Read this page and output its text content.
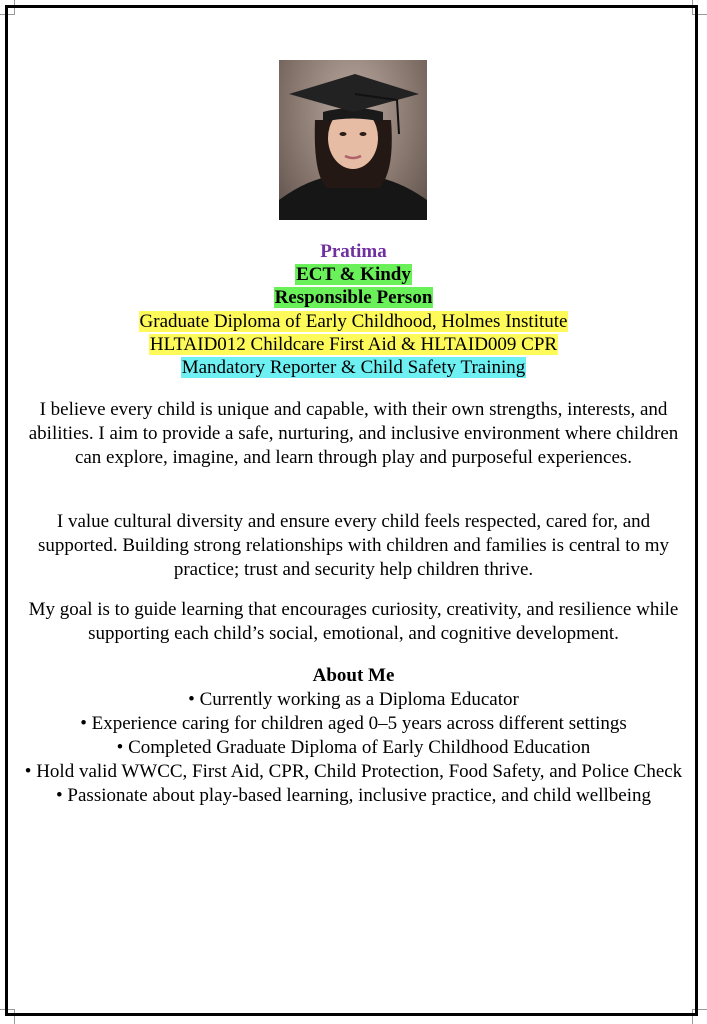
Pratima
ECT & Kindy
Responsible Person
Graduate Diploma of Early Childhood, Holmes Institute
HLTAID012 Childcare First Aid & HLTAID009 CPR
Mandatory Reporter & Child Safety Training

I believe every child is unique and capable, with their own strengths, interests, and abilities. I aim to provide a safe, nurturing, and inclusive environment where children can explore, imagine, and learn through play and purposeful experiences.

I value cultural diversity and ensure every child feels respected, cared for, and supported. Building strong relationships with children and families is central to my practice; trust and security help children thrive.

My goal is to guide learning that encourages curiosity, creativity, and resilience while supporting each child’s social, emotional, and cognitive development.

About Me
• Currently working as a Diploma Educator
• Experience caring for children aged 0–5 years across different settings
• Completed Graduate Diploma of Early Childhood Education
• Hold valid WWCC, First Aid, CPR, Child Protection, Food Safety, and Police Check
• Passionate about play-based learning, inclusive practice, and child wellbeing
